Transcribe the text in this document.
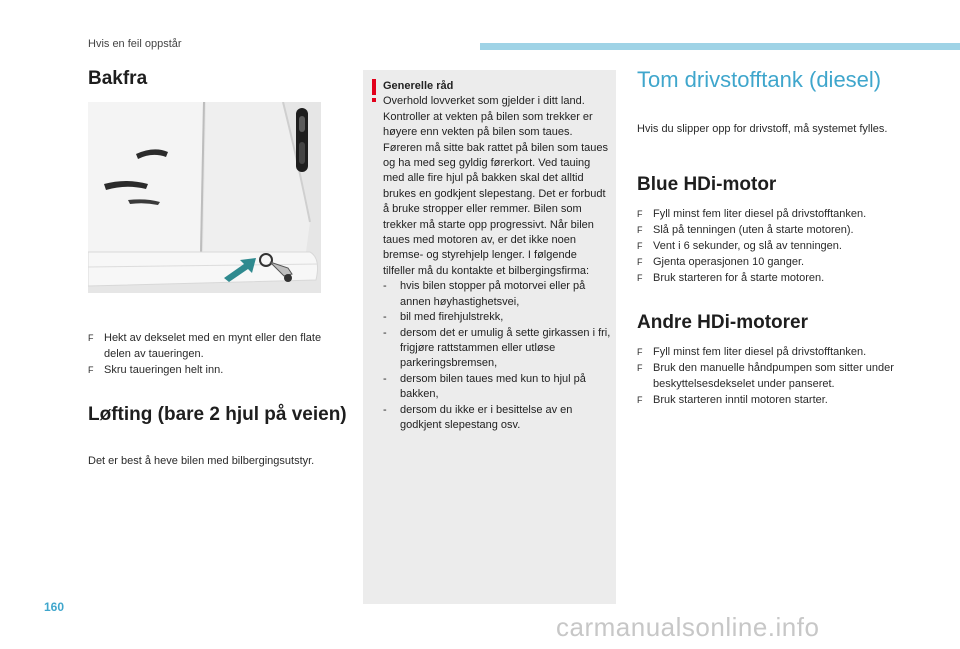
Hvis en feil oppstår
Bakfra
F Hekt av dekselet med en mynt eller den flate delen av taueringen.
F Skru taueringen helt inn.
Løfting (bare 2 hjul på veien)
Det er best å heve bilen med bilbergingsutstyr.
Generelle råd
Overhold lovverket som gjelder i ditt land. Kontroller at vekten på bilen som trekker er høyere enn vekten på bilen som taues. Føreren må sitte bak rattet på bilen som taues og ha med seg gyldig førerkort. Ved tauing med alle fire hjul på bakken skal det alltid brukes en godkjent slepestang. Det er forbudt å bruke stropper eller remmer. Bilen som trekker må starte opp progressivt. Når bilen taues med motoren av, er det ikke noen bremse- og styrehjelp lenger. I følgende tilfeller må du kontakte et bilbergingsfirma:
- hvis bilen stopper på motorvei eller på annen høyhastighetsvei,
- bil med firehjulstrekk,
- dersom det er umulig å sette girkassen i fri, frigjøre rattstammen eller utløse parkeringsbremsen,
- dersom bilen taues med kun to hjul på bakken,
- dersom du ikke er i besittelse av en godkjent slepestang osv.
Tom drivstofftank (diesel)
Hvis du slipper opp for drivstoff, må systemet fylles.
Blue HDi-motor
F Fyll minst fem liter diesel på drivstofftanken.
F Slå på tenningen (uten å starte motoren).
F Vent i 6 sekunder, og slå av tenningen.
F Gjenta operasjonen 10 ganger.
F Bruk starteren for å starte motoren.
Andre HDi-motorer
F Fyll minst fem liter diesel på drivstofftanken.
F Bruk den manuelle håndpumpen som sitter under beskyttelsesdekselet under panseret.
F Bruk starteren inntil motoren starter.
160
carmanualsonline.info
